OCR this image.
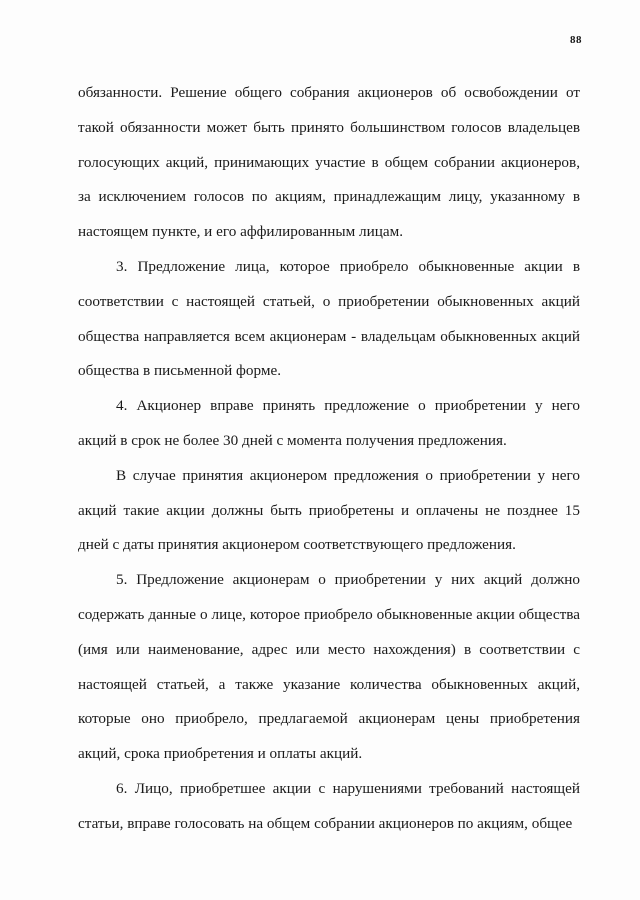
88

обязанности. Решение общего собрания акционеров об освобождении от такой обязанности может быть принято большинством голосов владельцев голосующих акций, принимающих участие в общем собрании акционеров, за исключением голосов по акциям, принадлежащим лицу, указанному в настоящем пункте, и его аффилированным лицам.

3. Предложение лица, которое приобрело обыкновенные акции в соответствии с настоящей статьей, о приобретении обыкновенных акций общества направляется всем акционерам - владельцам обыкновенных акций общества в письменной форме.

4. Акционер вправе принять предложение о приобретении у него акций в срок не более 30 дней с момента получения предложения.

В случае принятия акционером предложения о приобретении у него акций такие акции должны быть приобретены и оплачены не позднее 15 дней с даты принятия акционером соответствующего предложения.

5. Предложение акционерам о приобретении у них акций должно содержать данные о лице, которое приобрело обыкновенные акции общества (имя или наименование, адрес или место нахождения) в соответствии с настоящей статьей, а также указание количества обыкновенных акций, которые оно приобрело, предлагаемой акционерам цены приобретения акций, срока приобретения и оплаты акций.

6. Лицо, приобретшее акции с нарушениями требований настоящей статьи, вправе голосовать на общем собрании акционеров по акциям, общее
